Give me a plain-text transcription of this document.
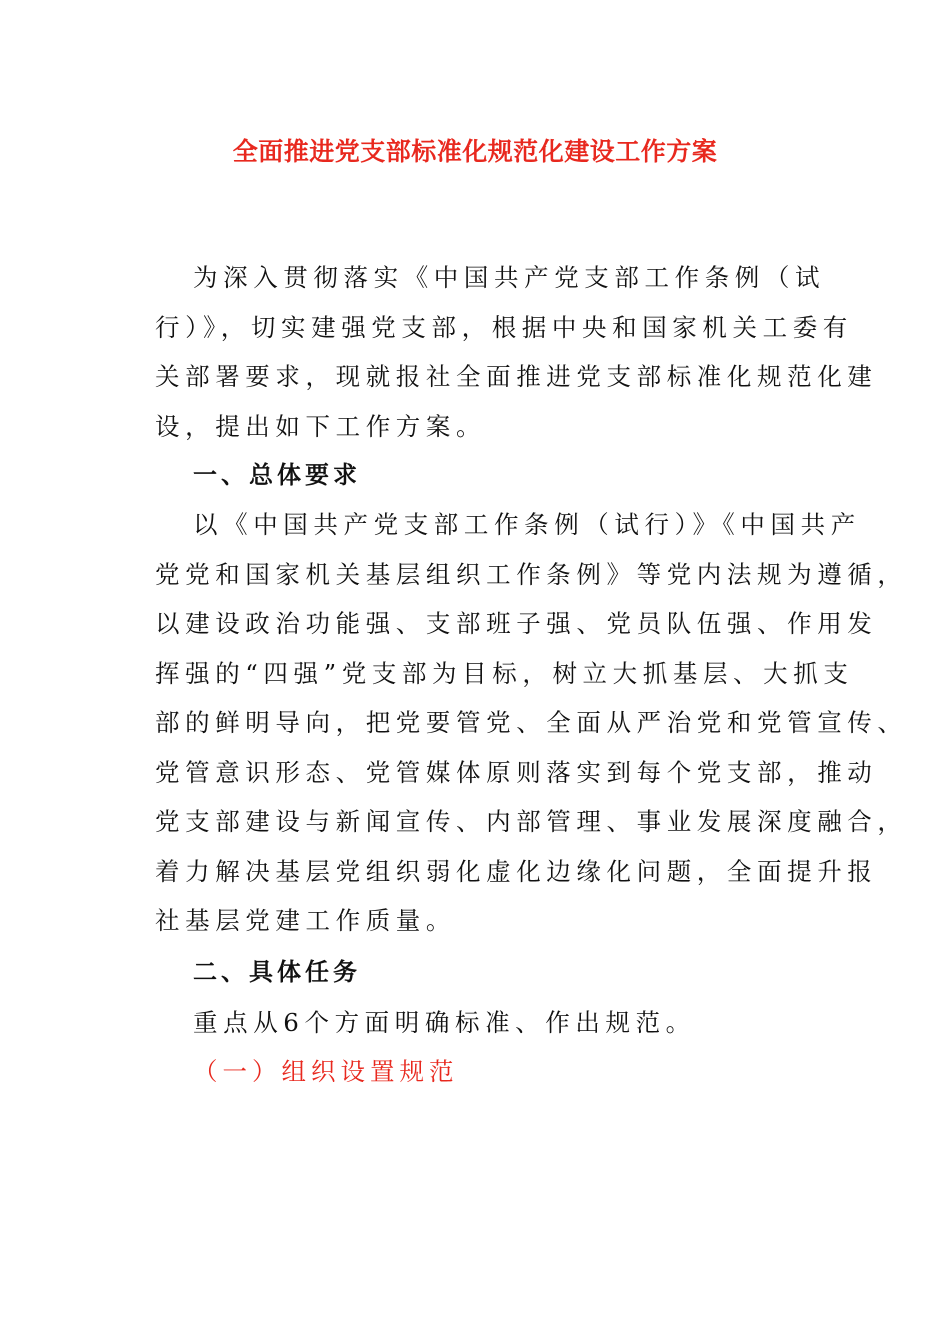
全面推进党支部标准化规范化建设工作方案
为深入贯彻落实《中国共产党支部工作条例（试
行）》，切实建强党支部，根据中央和国家机关工委有
关部署要求，现就报社全面推进党支部标准化规范化建
设，提出如下工作方案。
一、总体要求
以《中国共产党支部工作条例（试行）》《中国共产
党党和国家机关基层组织工作条例》等党内法规为遵循，
以建设政治功能强、支部班子强、党员队伍强、作用发
挥强的“四强”党支部为目标，树立大抓基层、大抓支
部的鲜明导向，把党要管党、全面从严治党和党管宣传、
党管意识形态、党管媒体原则落实到每个党支部，推动
党支部建设与新闻宣传、内部管理、事业发展深度融合，
着力解决基层党组织弱化虚化边缘化问题，全面提升报
社基层党建工作质量。
二、具体任务
重点从6个方面明确标准、作出规范。
（一）组织设置规范
